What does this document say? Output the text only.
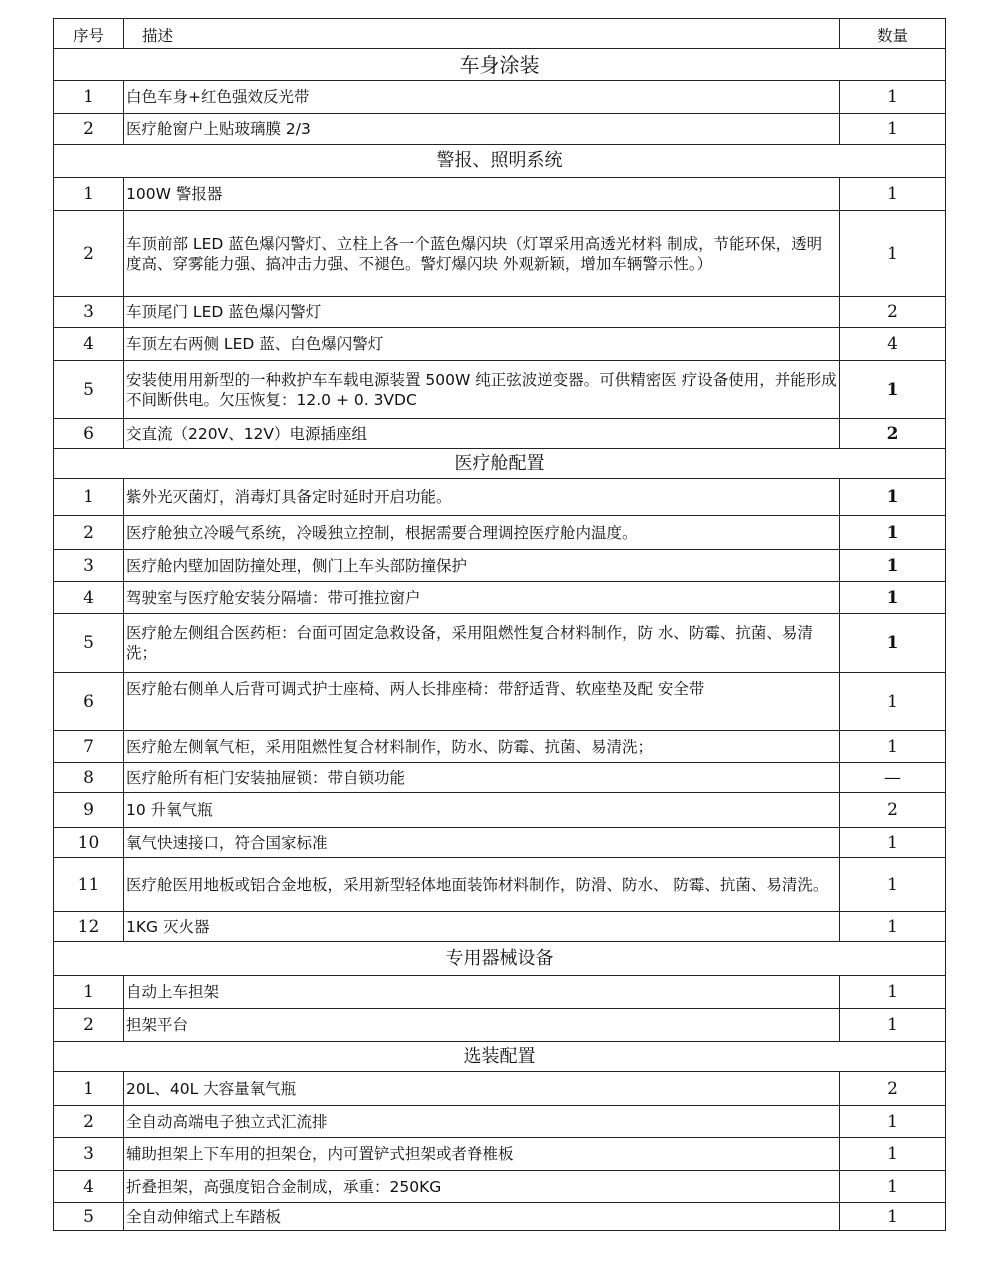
序号	描述	数量
车身涂装		
1	白色车身+红色强效反光带	1
2	医疗舱窗户上贴玻璃膜 2/3	1
警报、照明系统		
1	100W 警报器	1
2	车顶前部 LED 蓝色爆闪警灯、立柱上各一个蓝色爆闪块（灯罩采用高透光材料 制成，节能环保，透明度高、穿雾能力强、搞冲击力强、不褪色。警灯爆闪块 外观新颖，增加车辆警示性。）	1
3	车顶尾门 LED 蓝色爆闪警灯	2
4	车顶左右两侧 LED 蓝、白色爆闪警灯	4
5	安装使用用新型的一种救护车车载电源装置 500W 纯正弦波逆变器。可供精密医 疗设备使用，并能形成不间断供电。欠压恢复：12.0 + 0. 3VDC	1
6	交直流（220V、12V）电源插座组	2
医疗舱配置		
1	紫外光灭菌灯，消毒灯具备定时延时开启功能。	1
2	医疗舱独立冷暖气系统，冷暖独立控制，根据需要合理调控医疗舱内温度。	1
3	医疗舱内壁加固防撞处理，侧门上车头部防撞保护	1
4	驾驶室与医疗舱安装分隔墙：带可推拉窗户	1
5	医疗舱左侧组合医药柜：台面可固定急救设备，采用阻燃性复合材料制作，防 水、防霉、抗菌、易清洗；	1
6	医疗舱右侧单人后背可调式护士座椅、两人长排座椅：带舒适背、软座垫及配 安全带	1
7	医疗舱左侧氧气柜，采用阻燃性复合材料制作，防水、防霉、抗菌、易清洗；	1
8	医疗舱所有柜门安装抽屉锁：带自锁功能	—
9	10 升氧气瓶	2
10	氧气快速接口，符合国家标准	1
11	医疗舱医用地板或铝合金地板，采用新型轻体地面装饰材料制作，防滑、防水、 防霉、抗菌、易清洗。	1
12	1KG 灭火器	1
专用器械设备		
1	自动上车担架	1
2	担架平台	1
选装配置		
1	20L、40L 大容量氧气瓶	2
2	全自动高端电子独立式汇流排	1
3	辅助担架上下车用的担架仓，内可置铲式担架或者脊椎板	1
4	折叠担架，高强度铝合金制成，承重：250KG	1
5	全自动伸缩式上车踏板	1
